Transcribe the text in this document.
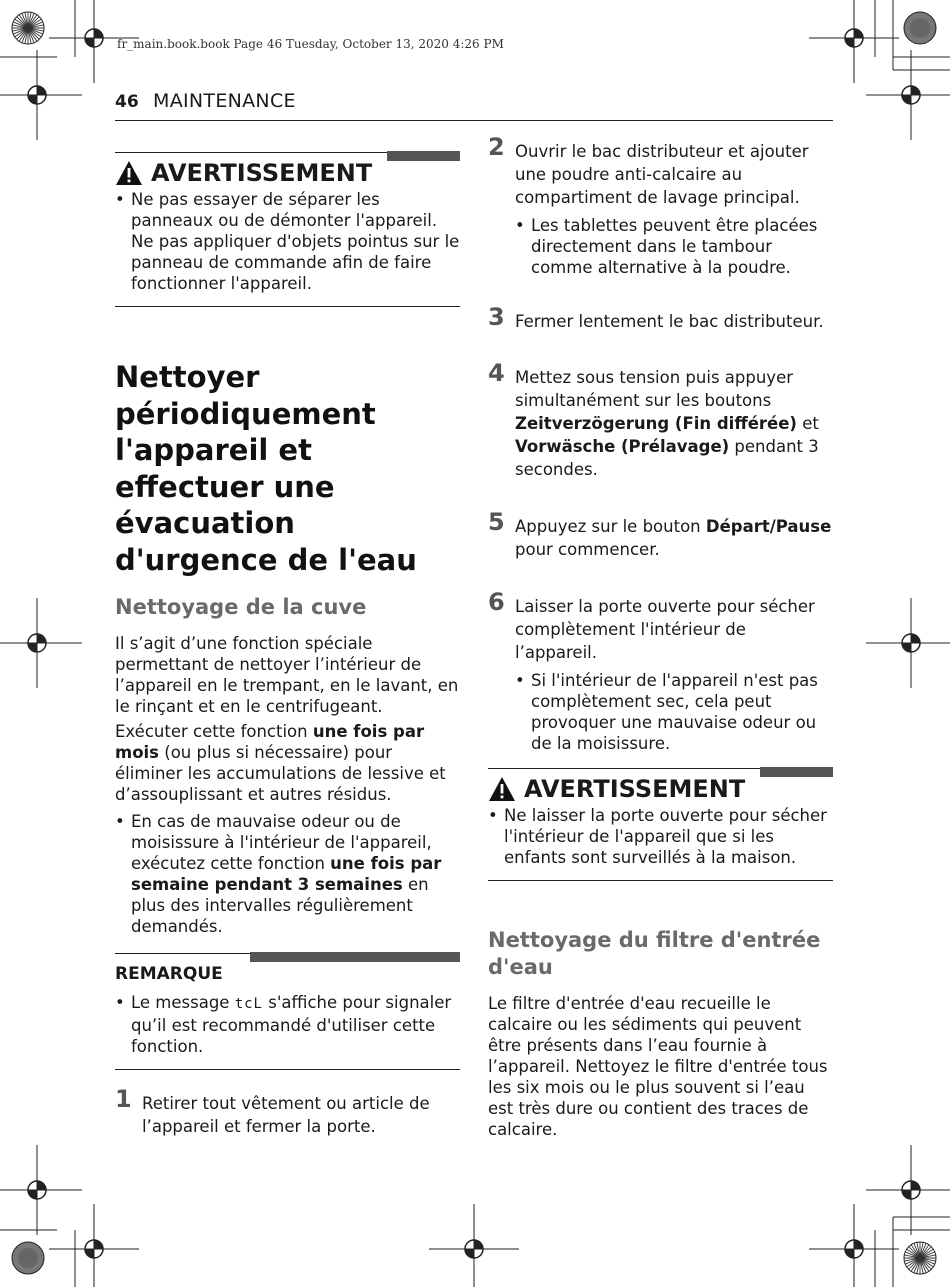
fr_main.book.book Page 46 Tuesday, October 13, 2020 4:26 PM
46 MAINTENANCE
AVERTISSEMENT
• Ne pas essayer de séparer les panneaux ou de démonter l'appareil. Ne pas appliquer d'objets pointus sur le panneau de commande afin de faire fonctionner l'appareil.
Nettoyer périodiquement l'appareil et effectuer une évacuation d'urgence de l'eau
Nettoyage de la cuve
Il s’agit d’une fonction spéciale permettant de nettoyer l’intérieur de l’appareil en le trempant, en le lavant, en le rinçant et en le centrifugeant.
Exécuter cette fonction une fois par mois (ou plus si nécessaire) pour éliminer les accumulations de lessive et d’assouplissant et autres résidus.
• En cas de mauvaise odeur ou de moisissure à l'intérieur de l'appareil, exécutez cette fonction une fois par semaine pendant 3 semaines en plus des intervalles régulièrement demandés.
REMARQUE
• Le message tcL s'affiche pour signaler qu’il est recommandé d'utiliser cette fonction.
1 Retirer tout vêtement ou article de l’appareil et fermer la porte.
2 Ouvrir le bac distributeur et ajouter une poudre anti-calcaire au compartiment de lavage principal.
• Les tablettes peuvent être placées directement dans le tambour comme alternative à la poudre.
3 Fermer lentement le bac distributeur.
4 Mettez sous tension puis appuyer simultanément sur les boutons Zeitverzögerung (Fin différée) et Vorwäsche (Prélavage) pendant 3 secondes.
5 Appuyez sur le bouton Départ/Pause pour commencer.
6 Laisser la porte ouverte pour sécher complètement l'intérieur de l’appareil.
• Si l'intérieur de l'appareil n'est pas complètement sec, cela peut provoquer une mauvaise odeur ou de la moisissure.
AVERTISSEMENT
• Ne laisser la porte ouverte pour sécher l'intérieur de l'appareil que si les enfants sont surveillés à la maison.
Nettoyage du filtre d'entrée d'eau
Le filtre d'entrée d'eau recueille le calcaire ou les sédiments qui peuvent être présents dans l’eau fournie à l’appareil. Nettoyez le filtre d'entrée tous les six mois ou le plus souvent si l’eau est très dure ou contient des traces de calcaire.
